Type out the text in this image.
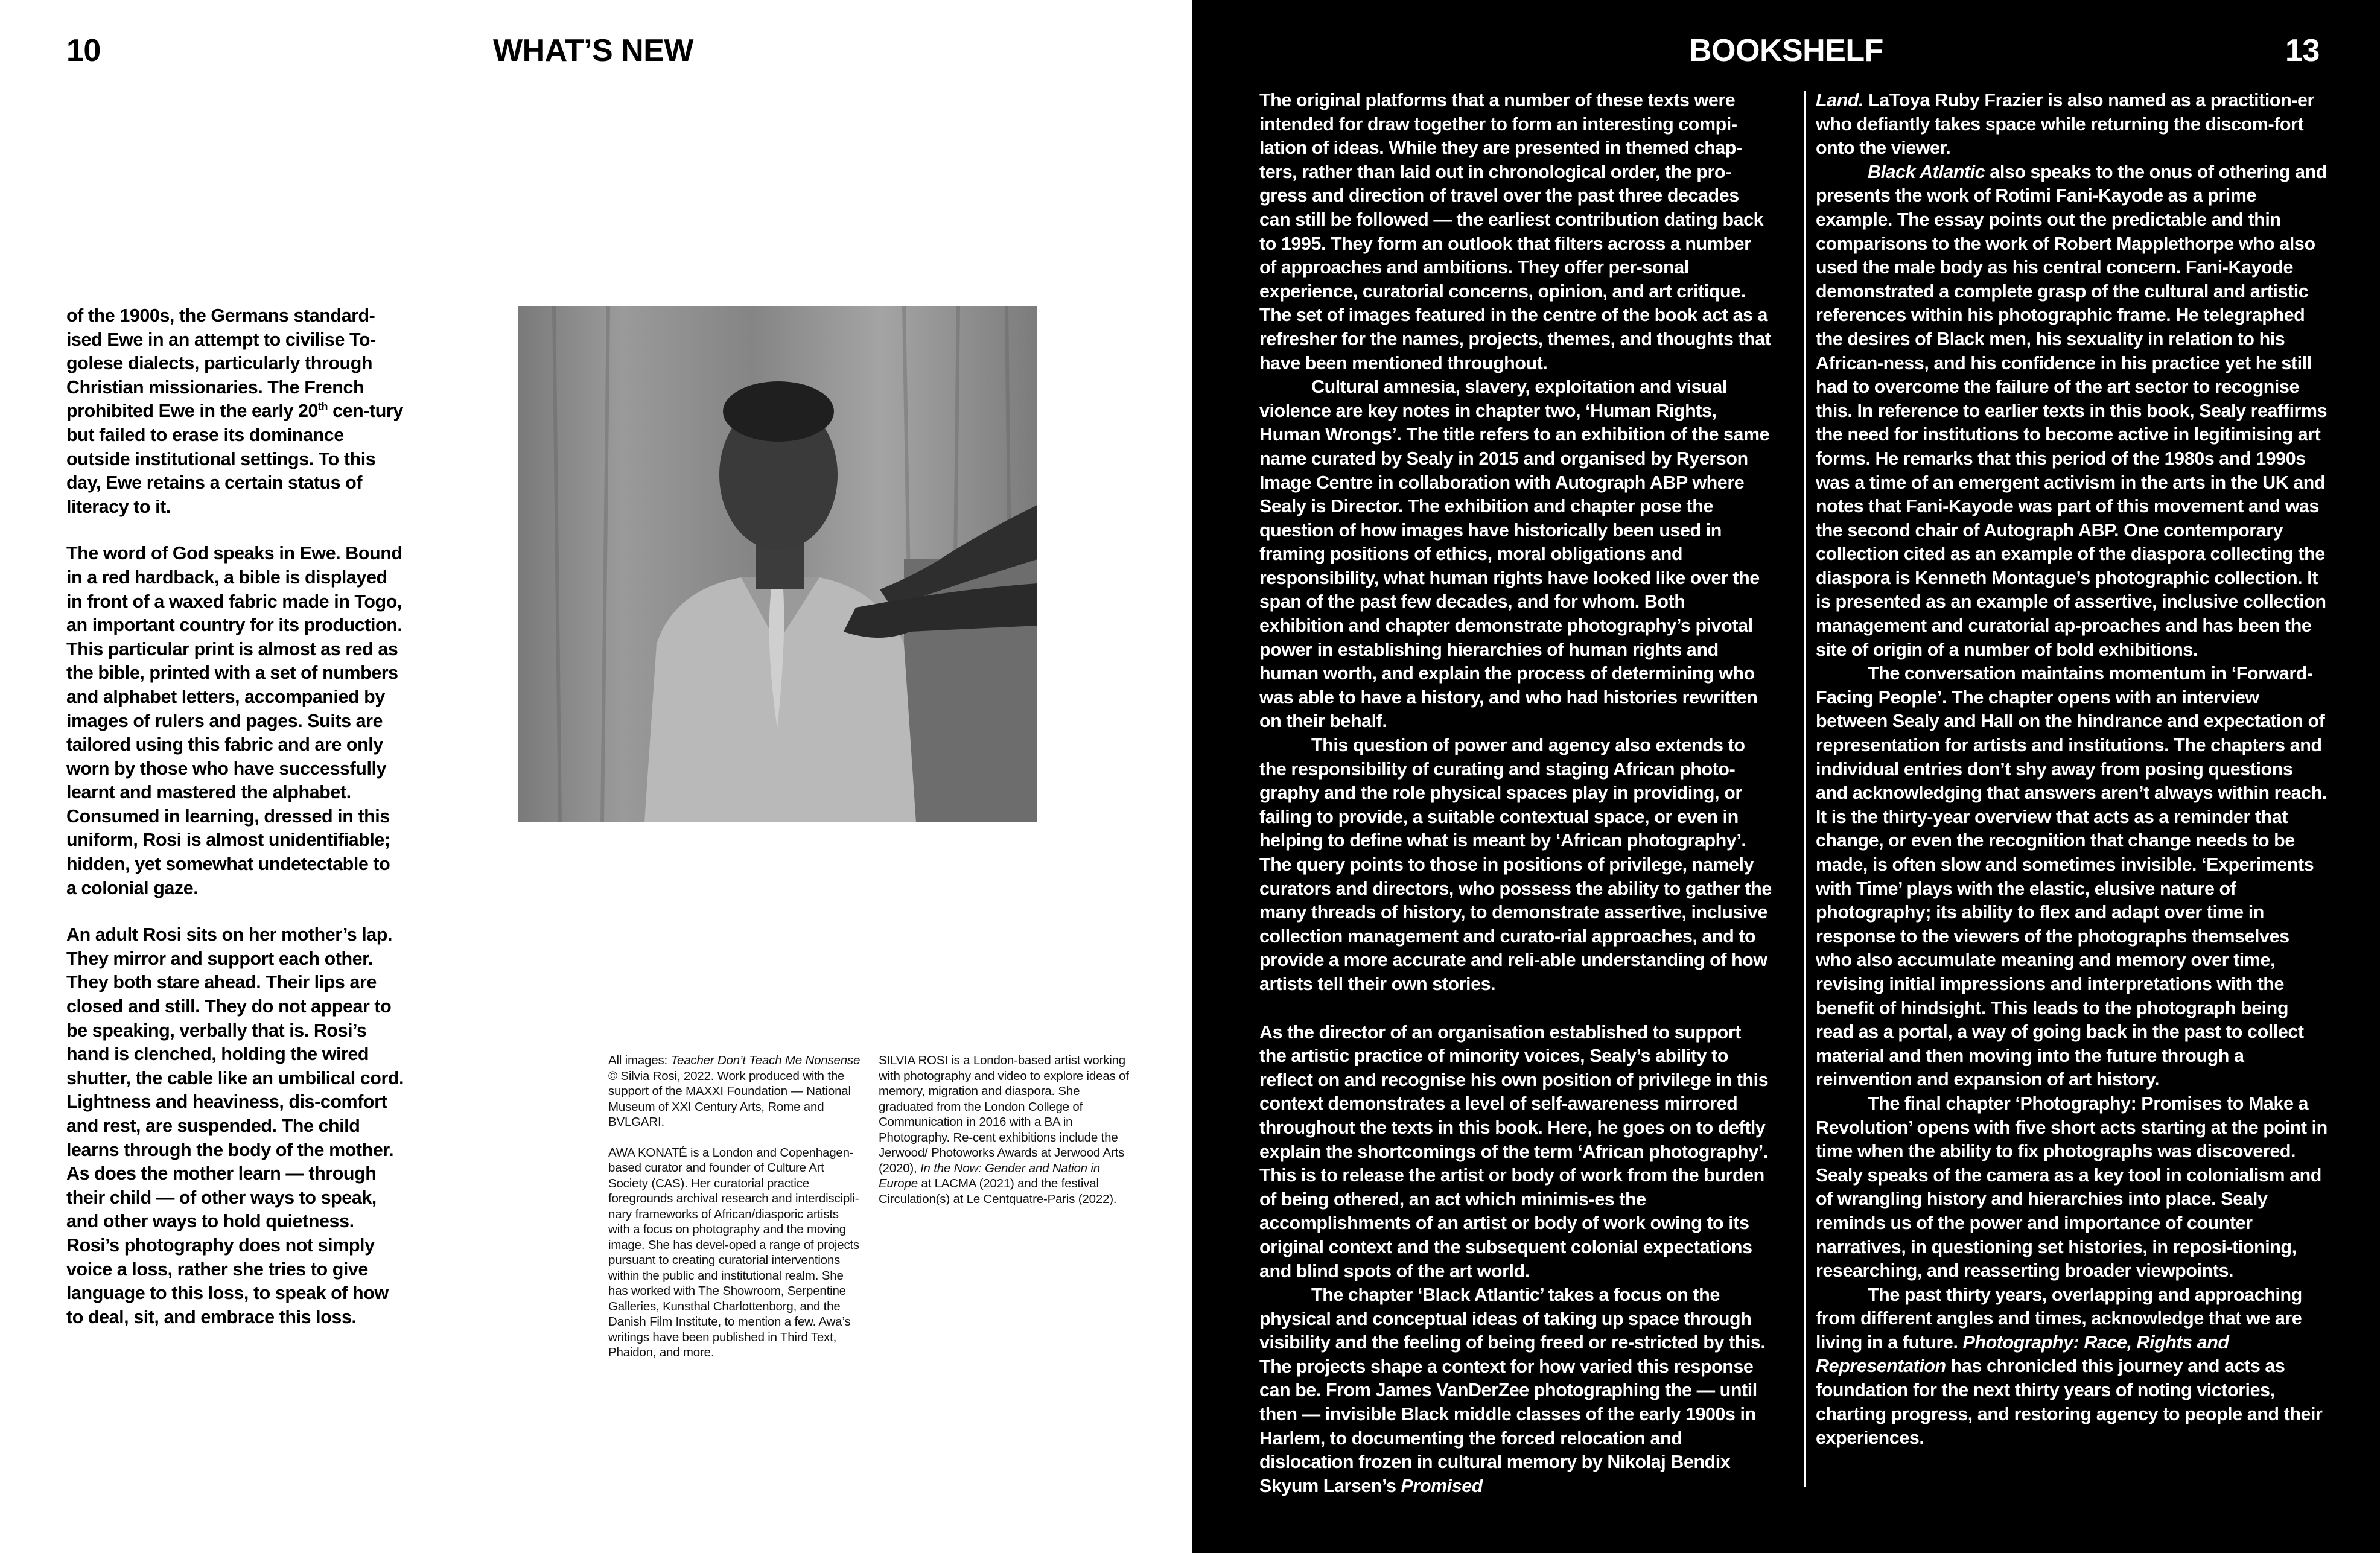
10	WHAT’S NEW

of the 1900s, the Germans standard-ised Ewe in an attempt to civilise To-golese dialects, particularly through Christian missionaries. The French prohibited Ewe in the early 20th cen-tury but failed to erase its dominance outside institutional settings. To this day, Ewe retains a certain status of literacy to it.

The word of God speaks in Ewe. Bound in a red hardback, a bible is displayed in front of a waxed fabric made in Togo, an important country for its production. This particular print is almost as red as the bible, printed with a set of numbers and alphabet letters, accompanied by images of rulers and pages. Suits are tailored using this fabric and are only worn by those who have successfully learnt and mastered the alphabet. Consumed in learning, dressed in this uniform, Rosi is almost unidentifiable; hidden, yet somewhat undetectable to a colonial gaze.

An adult Rosi sits on her mother’s lap. They mirror and support each other. They both stare ahead. Their lips are closed and still. They do not appear to be speaking, verbally that is. Rosi’s hand is clenched, holding the wired shutter, the cable like an umbilical cord. Lightness and heaviness, dis-comfort and rest, are suspended. The child learns through the body of the mother. As does the mother learn — through their child — of other ways to speak, and other ways to hold quietness. Rosi’s photography does not simply voice a loss, rather she tries to give language to this loss, to speak of how to deal, sit, and embrace this loss.

All images: Teacher Don’t Teach Me Nonsense © Silvia Rosi, 2022. Work produced with the support of the MAXXI Foundation — National Museum of XXI Century Arts, Rome and BVLGARI.

AWA KONATÉ is a London and Copenhagen-based curator and founder of Culture Art Society (CAS). Her curatorial practice foregrounds archival research and interdiscipli-nary frameworks of African/diasporic artists with a focus on photography and the moving image. She has devel-oped a range of projects pursuant to creating curatorial interventions within the public and institutional realm. She has worked with The Showroom, Serpentine Galleries, Kunsthal Charlottenborg, and the Danish Film Institute, to mention a few. Awa’s writings have been published in Third Text, Phaidon, and more.

SILVIA ROSI is a London-based artist working with photography and video to explore ideas of memory, migration and diaspora. She graduated from the London College of Communication in 2016 with a BA in Photography. Re-cent exhibitions include the Jerwood/ Photoworks Awards at Jerwood Arts (2020), In the Now: Gender and Nation in Europe at LACMA (2021) and the festival Circulation(s) at Le Centquatre-Paris (2022).

BOOKSHELF	13

The original platforms that a number of these texts were intended for draw together to form an interesting compi-lation of ideas. While they are presented in themed chap-ters, rather than laid out in chronological order, the pro-gress and direction of travel over the past three decades can still be followed — the earliest contribution dating back to 1995. They form an outlook that filters across a number of approaches and ambitions. They offer per-sonal experience, curatorial concerns, opinion, and art critique. The set of images featured in the centre of the book act as a refresher for the names, projects, themes, and thoughts that have been mentioned throughout.

Cultural amnesia, slavery, exploitation and visual violence are key notes in chapter two, ‘Human Rights, Human Wrongs’. The title refers to an exhibition of the same name curated by Sealy in 2015 and organised by Ryerson Image Centre in collaboration with Autograph ABP where Sealy is Director. The exhibition and chapter pose the question of how images have historically been used in framing positions of ethics, moral obligations and responsibility, what human rights have looked like over the span of the past few decades, and for whom. Both exhibition and chapter demonstrate photography’s pivotal power in establishing hierarchies of human rights and human worth, and explain the process of determining who was able to have a history, and who had histories rewritten on their behalf.

This question of power and agency also extends to the responsibility of curating and staging African photo-graphy and the role physical spaces play in providing, or failing to provide, a suitable contextual space, or even in helping to define what is meant by ‘African photography’. The query points to those in positions of privilege, namely curators and directors, who possess the ability to gather the many threads of history, to demonstrate assertive, inclusive collection management and curato-rial approaches, and to provide a more accurate and reli-able understanding of how artists tell their own stories.

As the director of an organisation established to support the artistic practice of minority voices, Sealy’s ability to reflect on and recognise his own position of privilege in this context demonstrates a level of self-awareness mirrored throughout the texts in this book. Here, he goes on to deftly explain the shortcomings of the term ‘African photography’. This is to release the artist or body of work from the burden of being othered, an act which minimis-es the accomplishments of an artist or body of work owing to its original context and the subsequent colonial expectations and blind spots of the art world.

The chapter ‘Black Atlantic’ takes a focus on the physical and conceptual ideas of taking up space through visibility and the feeling of being freed or re-stricted by this. The projects shape a context for how varied this response can be. From James VanDerZee photographing the — until then — invisible Black middle classes of the early 1900s in Harlem, to documenting the forced relocation and dislocation frozen in cultural memory by Nikolaj Bendix Skyum Larsen’s Promised

Land. LaToya Ruby Frazier is also named as a practition-er who defiantly takes space while returning the discom-fort onto the viewer.

Black Atlantic also speaks to the onus of othering and presents the work of Rotimi Fani-Kayode as a prime example. The essay points out the predictable and thin comparisons to the work of Robert Mapplethorpe who also used the male body as his central concern. Fani-Kayode demonstrated a complete grasp of the cultural and artistic references within his photographic frame. He telegraphed the desires of Black men, his sexuality in relation to his African-ness, and his confidence in his practice yet he still had to overcome the failure of the art sector to recognise this. In reference to earlier texts in this book, Sealy reaffirms the need for institutions to become active in legitimising art forms. He remarks that this period of the 1980s and 1990s was a time of an emergent activism in the arts in the UK and notes that Fani-Kayode was part of this movement and was the second chair of Autograph ABP. One contemporary collection cited as an example of the diaspora collecting the diaspora is Kenneth Montague’s photographic collection. It is presented as an example of assertive, inclusive collection management and curatorial ap-proaches and has been the site of origin of a number of bold exhibitions.

The conversation maintains momentum in ‘Forward-Facing People’. The chapter opens with an interview between Sealy and Hall on the hindrance and expectation of representation for artists and institutions. The chapters and individual entries don’t shy away from posing questions and acknowledging that answers aren’t always within reach. It is the thirty-year overview that acts as a reminder that change, or even the recognition that change needs to be made, is often slow and sometimes invisible. ‘Experiments with Time’ plays with the elastic, elusive nature of photography; its ability to flex and adapt over time in response to the viewers of the photographs themselves who also accumulate meaning and memory over time, revising initial impressions and interpretations with the benefit of hindsight. This leads to the photograph being read as a portal, a way of going back in the past to collect material and then moving into the future through a reinvention and expansion of art history.

The final chapter ‘Photography: Promises to Make a Revolution’ opens with five short acts starting at the point in time when the ability to fix photographs was discovered. Sealy speaks of the camera as a key tool in colonialism and of wrangling history and hierarchies into place. Sealy reminds us of the power and importance of counter narratives, in questioning set histories, in reposi-tioning, researching, and reasserting broader viewpoints.

The past thirty years, overlapping and approaching from different angles and times, acknowledge that we are living in a future. Photography: Race, Rights and Representation has chronicled this journey and acts as foundation for the next thirty years of noting victories, charting progress, and restoring agency to people and their experiences.
